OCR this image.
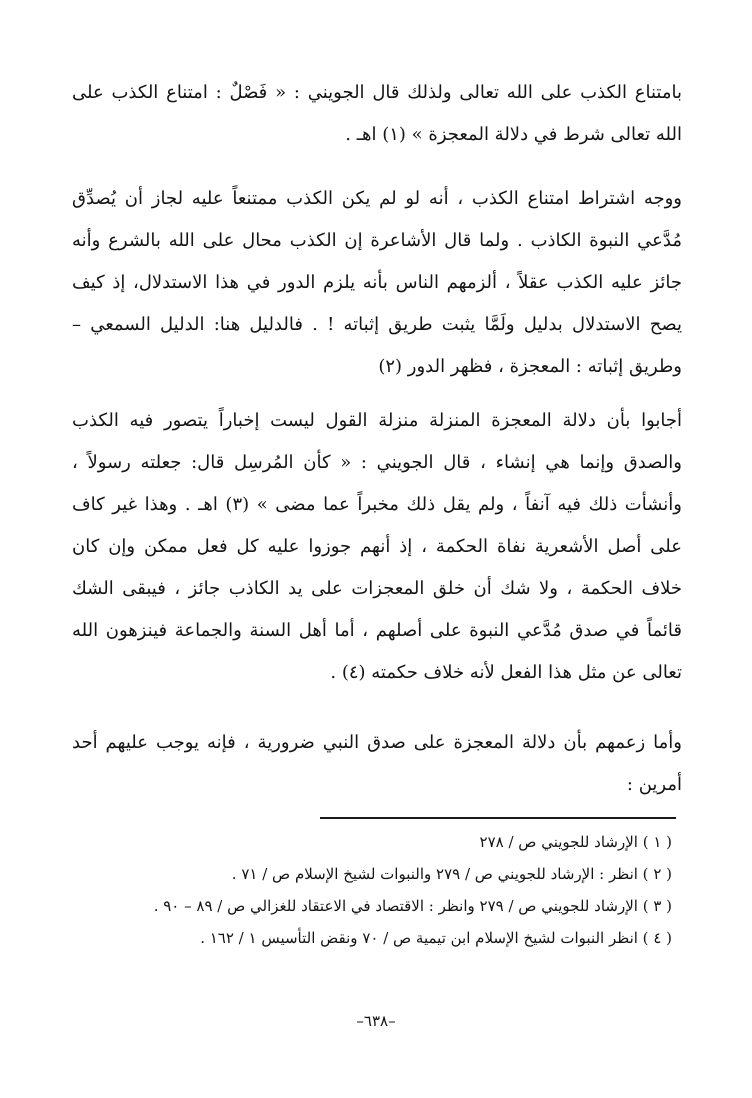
بامتناع الكذب على الله تعالى ولذلك قال الجويني : « فَصْلٌ : امتناع الكذب على الله تعالى شرط في دلالة المعجزة » (١) اهـ .

ووجه اشتراط امتناع الكذب ، أنه لو لم يكن الكذب ممتنعاً عليه لجاز أن يُصدِّق مُدَّعي النبوة الكاذب . ولما قال الأشاعرة إن الكذب محال على الله بالشرع وأنه جائز عليه الكذب عقلاً ، ألزمهم الناس بأنه يلزم الدور في هذا الاستدلال، إذ كيف يصح الاستدلال بدليل ولَمَّا يثبت طريق إثباته ! . فالدليل هنا: الدليل السمعي – وطريق إثباته : المعجزة ، فظهر الدور (٢)

أجابوا بأن دلالة المعجزة المنزلة منزلة القول ليست إخباراً يتصور فيه الكذب والصدق وإنما هي إنشاء ، قال الجويني : « كأن المُرسِل قال: جعلته رسولاً ، وأنشأت ذلك فيه آنفاً ، ولم يقل ذلك مخبراً عما مضى » (٣) اهـ . وهذا غير كاف على أصل الأشعرية نفاة الحكمة ، إذ أنهم جوزوا عليه كل فعل ممكن وإن كان خلاف الحكمة ، ولا شك أن خلق المعجزات على يد الكاذب جائز ، فيبقى الشك قائماً في صدق مُدَّعي النبوة على أصلهم ، أما أهل السنة والجماعة فينزهون الله تعالى عن مثل هذا الفعل لأنه خلاف حكمته (٤) .

وأما زعمهم بأن دلالة المعجزة على صدق النبي ضرورية ، فإنه يوجب عليهم أحد أمرين :

( ١ ) الإرشاد للجويني ص / ٢٧٨
( ٢ ) انظر : الإرشاد للجويني ص / ٢٧٩ والنبوات لشيخ الإسلام ص / ٧١ .
( ٣ ) الإرشاد للجويني ص / ٢٧٩ وانظر : الاقتصاد في الاعتقاد للغزالي ص / ٨٩ – ٩٠ .
( ٤ ) انظر النبوات لشيخ الإسلام ابن تيمية ص / ٧٠ ونقض التأسيس ١ / ١٦٢ .
–٦٣٨–
